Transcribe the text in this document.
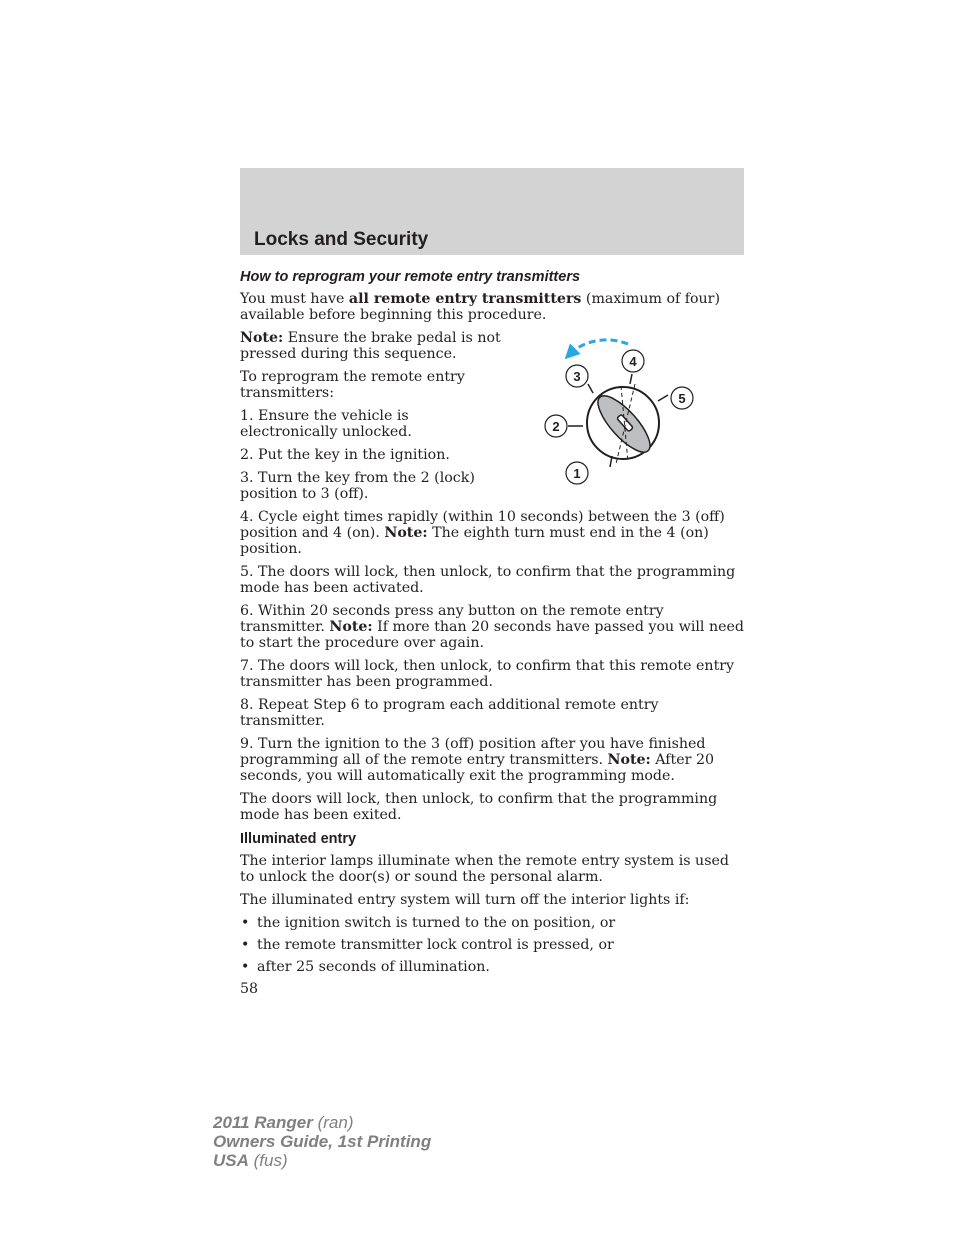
Locks and Security
How to reprogram your remote entry transmitters

You must have all remote entry transmitters (maximum of four) available before beginning this procedure.

Note: Ensure the brake pedal is not pressed during this sequence.

To reprogram the remote entry transmitters:

1. Ensure the vehicle is electronically unlocked.

2. Put the key in the ignition.

3. Turn the key from the 2 (lock) position to 3 (off).

4. Cycle eight times rapidly (within 10 seconds) between the 3 (off) position and 4 (on). Note: The eighth turn must end in the 4 (on) position.

5. The doors will lock, then unlock, to confirm that the programming mode has been activated.

6. Within 20 seconds press any button on the remote entry transmitter. Note: If more than 20 seconds have passed you will need to start the procedure over again.

7. The doors will lock, then unlock, to confirm that this remote entry transmitter has been programmed.

8. Repeat Step 6 to program each additional remote entry transmitter.

9. Turn the ignition to the 3 (off) position after you have finished programming all of the remote entry transmitters. Note: After 20 seconds, you will automatically exit the programming mode.

The doors will lock, then unlock, to confirm that the programming mode has been exited.

Illuminated entry

The interior lamps illuminate when the remote entry system is used to unlock the door(s) or sound the personal alarm.

The illuminated entry system will turn off the interior lights if:

• the ignition switch is turned to the on position, or
• the remote transmitter lock control is pressed, or
• after 25 seconds of illumination.
58
1
2
3
4
5
2011 Ranger (ran)
Owners Guide, 1st Printing
USA (fus)
